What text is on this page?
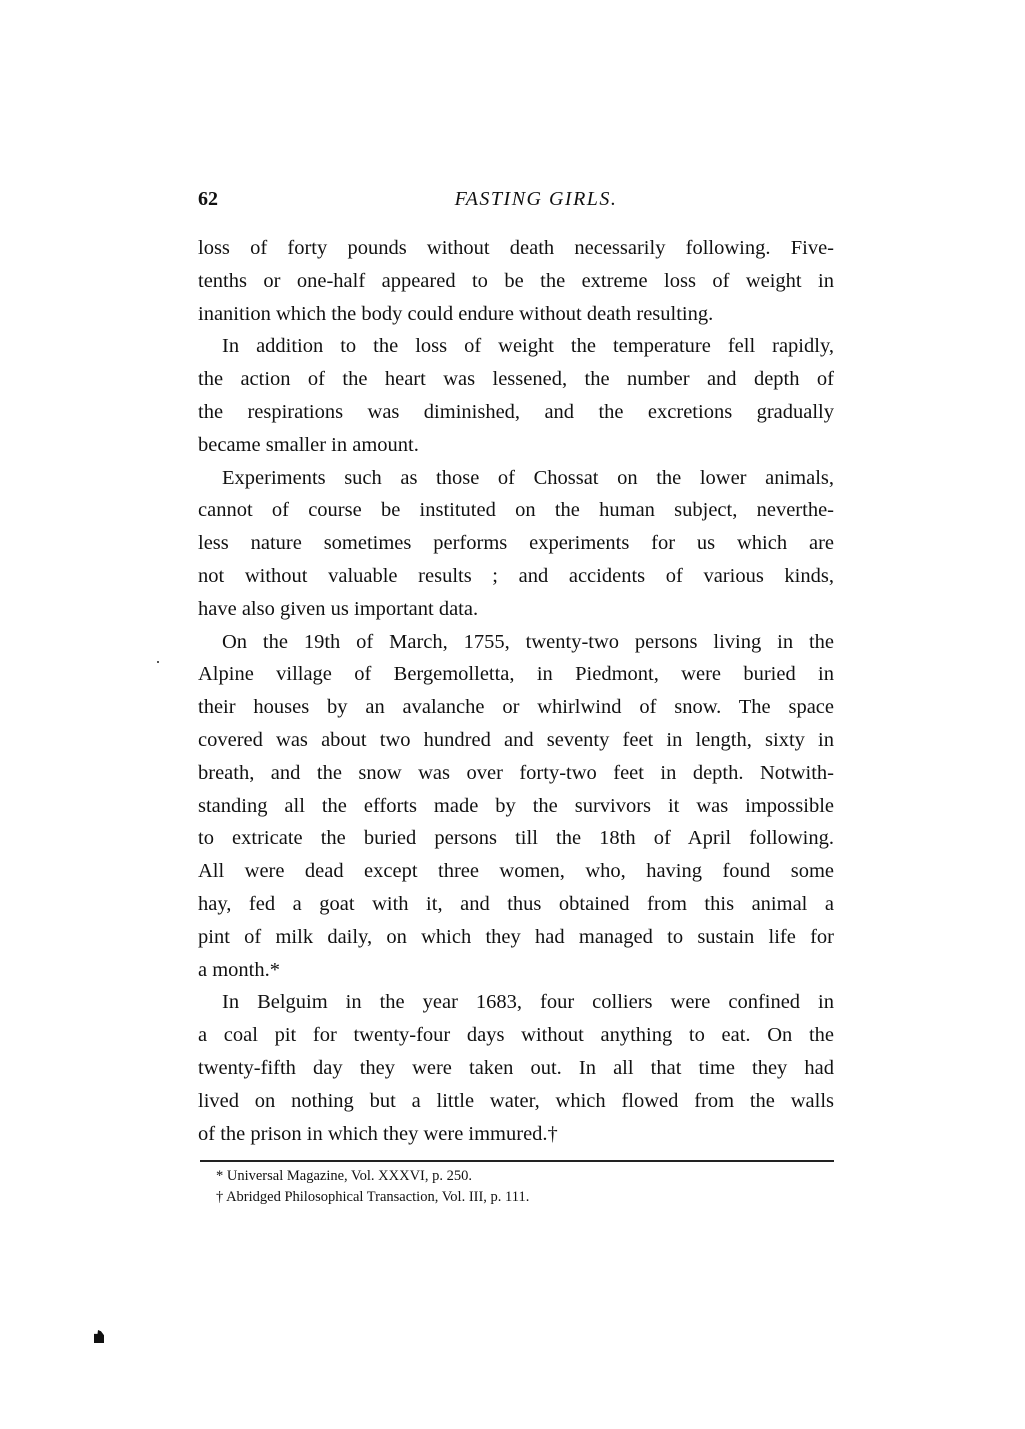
62	FASTING GIRLS.
loss of forty pounds without death necessarily following. Five-
tenths or one-half appeared to be the extreme loss of weight in
inanition which the body could endure without death resulting.
In addition to the loss of weight the temperature fell rapidly,
the action of the heart was lessened, the number and depth of
the respirations was diminished, and the excretions gradually
became smaller in amount.
Experiments such as those of Chossat on the lower animals,
cannot of course be instituted on the human subject, neverthe-
less nature sometimes performs experiments for us which are
not without valuable results ; and accidents of various kinds,
have also given us important data.
On the 19th of March, 1755, twenty-two persons living in the
Alpine village of Bergemolletta, in Piedmont, were buried in
their houses by an avalanche or whirlwind of snow. The space
covered was about two hundred and seventy feet in length, sixty in
breath, and the snow was over forty-two feet in depth. Notwith-
standing all the efforts made by the survivors it was impossible
to extricate the buried persons till the 18th of April following.
All were dead except three women, who, having found some
hay, fed a goat with it, and thus obtained from this animal a
pint of milk daily, on which they had managed to sustain life for
a month.*
In Belguim in the year 1683, four colliers were confined in
a coal pit for twenty-four days without anything to eat. On the
twenty-fifth day they were taken out. In all that time they had
lived on nothing but a little water, which flowed from the walls
of the prison in which they were immured.†
* Universal Magazine, Vol. XXXVI, p. 250.
† Abridged Philosophical Transaction, Vol. III, p. 111.
